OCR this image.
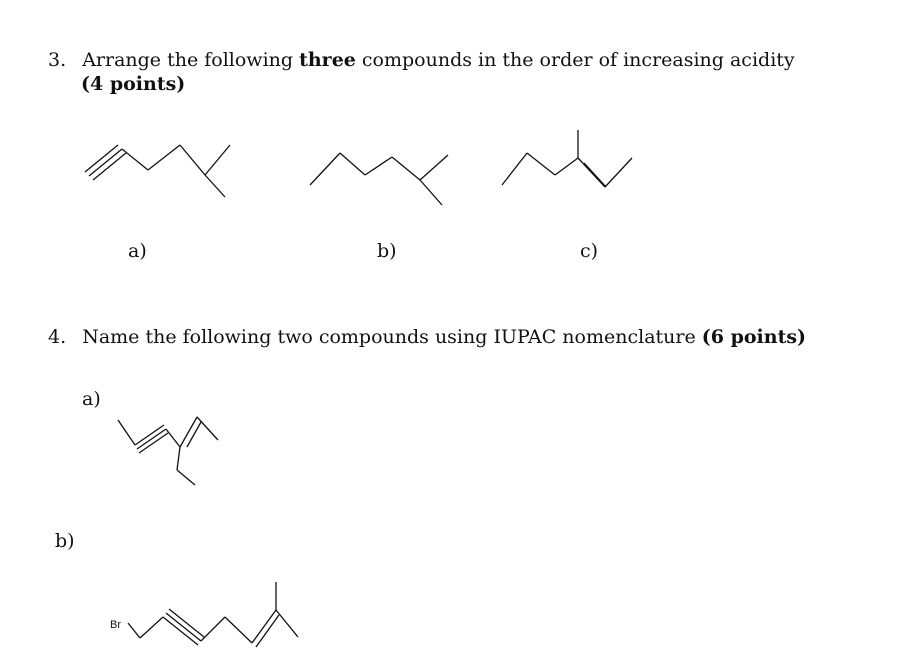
3. Arrange the following three compounds in the order of increasing acidity
(4 points)
Br
a)	b)	c)
4. Name the following two compounds using IUPAC nomenclature (6 points)
a)
b)
